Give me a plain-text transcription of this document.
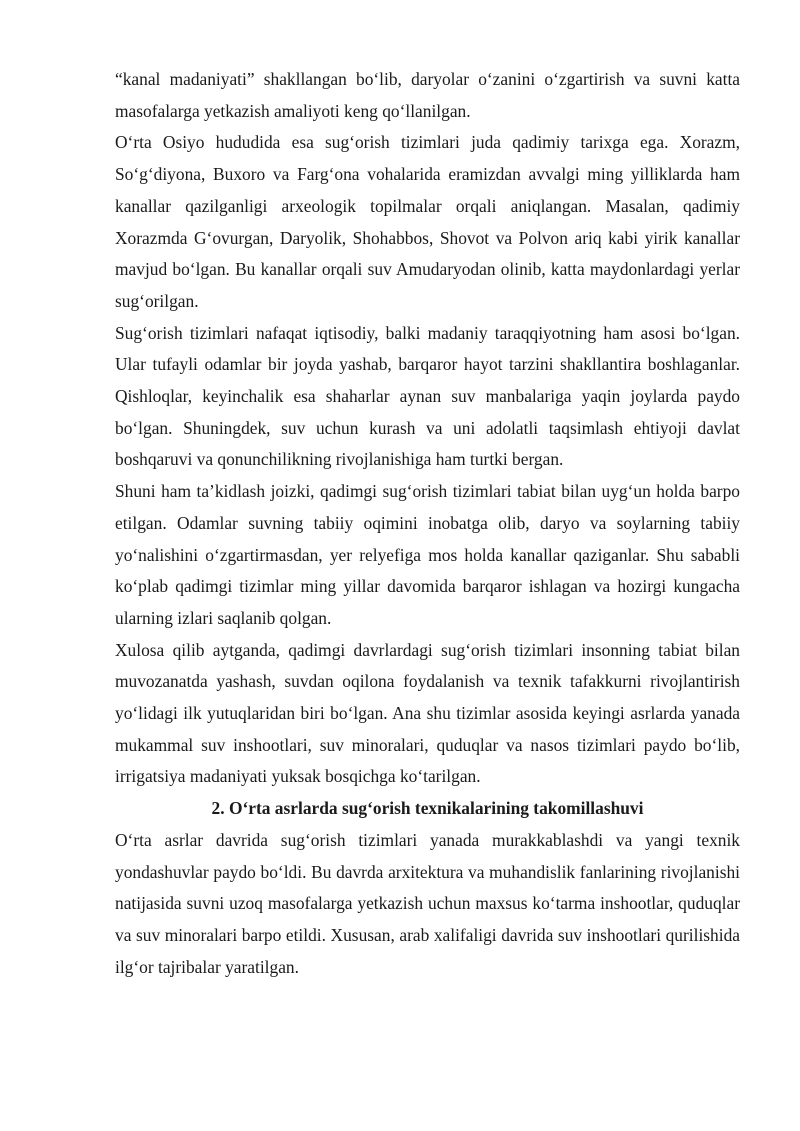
“kanal madaniyati” shakllangan bo‘lib, daryolar o‘zanini o‘zgartirish va suvni katta masofalarga yetkazish amaliyoti keng qo‘llanilgan.

O‘rta Osiyo hududida esa sug‘orish tizimlari juda qadimiy tarixga ega. Xorazm, So‘g‘diyona, Buxoro va Farg‘ona vohalarida eramizdan avvalgi ming yilliklarda ham kanallar qazilganligi arxeologik topilmalar orqali aniqlangan. Masalan, qadimiy Xorazmda G‘ovurgan, Daryolik, Shohabbos, Shovot va Polvon ariq kabi yirik kanallar mavjud bo‘lgan. Bu kanallar orqali suv Amudaryodan olinib, katta maydonlardagi yerlar sug‘orilgan.

Sug‘orish tizimlari nafaqat iqtisodiy, balki madaniy taraqqiyotning ham asosi bo‘lgan. Ular tufayli odamlar bir joyda yashab, barqaror hayot tarzini shakllantira boshlaganlar. Qishloqlar, keyinchalik esa shaharlar aynan suv manbalariga yaqin joylarda paydo bo‘lgan. Shuningdek, suv uchun kurash va uni adolatli taqsimlash ehtiyoji davlat boshqaruvi va qonunchilikning rivojlanishiga ham turtki bergan.

Shuni ham ta’kidlash joizki, qadimgi sug‘orish tizimlari tabiat bilan uyg‘un holda barpo etilgan. Odamlar suvning tabiiy oqimini inobatga olib, daryo va soylarning tabiiy yo‘nalishini o‘zgartirmasdan, yer relyefiga mos holda kanallar qaziganlar. Shu sababli ko‘plab qadimgi tizimlar ming yillar davomida barqaror ishlagan va hozirgi kungacha ularning izlari saqlanib qolgan.

Xulosa qilib aytganda, qadimgi davrlardagi sug‘orish tizimlari insonning tabiat bilan muvozanatda yashash, suvdan oqilona foydalanish va texnik tafakkurni rivojlantirish yo‘lidagi ilk yutuqlaridan biri bo‘lgan. Ana shu tizimlar asosida keyingi asrlarda yanada mukammal suv inshootlari, suv minoralari, quduqlar va nasos tizimlari paydo bo‘lib, irrigatsiya madaniyati yuksak bosqichga ko‘tarilgan.

2. O‘rta asrlarda sug‘orish texnikalarining takomillashuvi

O‘rta asrlar davrida sug‘orish tizimlari yanada murakkablashdi va yangi texnik yondashuvlar paydo bo‘ldi. Bu davrda arxitektura va muhandislik fanlarining rivojlanishi natijasida suvni uzoq masofalarga yetkazish uchun maxsus ko‘tarma inshootlar, quduqlar va suv minoralari barpo etildi. Xususan, arab xalifaligi davrida suv inshootlari qurilishida ilg‘or tajribalar yaratilgan.
